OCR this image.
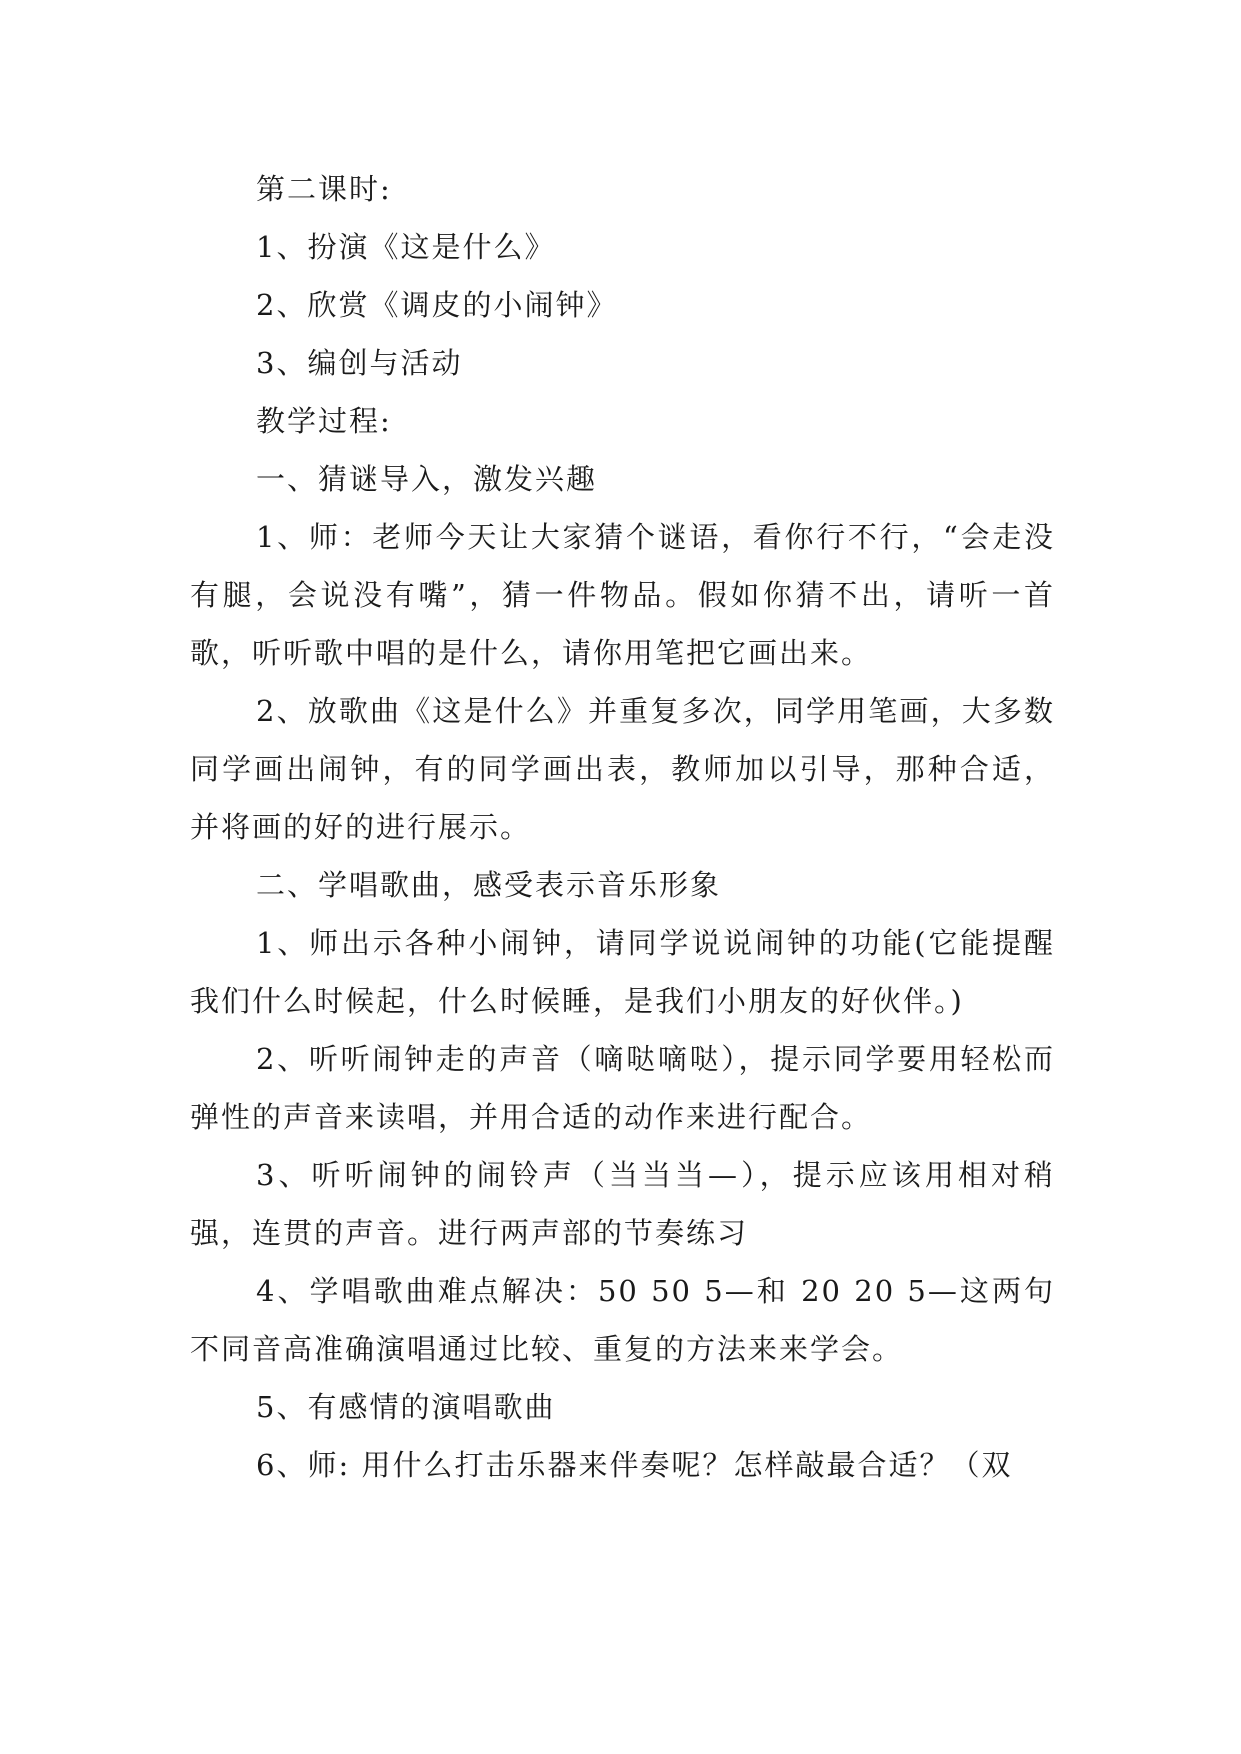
第二课时:

1、扮演《这是什么》

2、欣赏《调皮的小闹钟》

3、编创与活动

教学过程:

一、猜谜导入，激发兴趣

1、师：老师今天让大家猜个谜语，看你行不行，“会走没有腿，会说没有嘴”，猜一件物品。假如你猜不出，请听一首歌，听听歌中唱的是什么，请你用笔把它画出来。

2、放歌曲《这是什么》并重复多次，同学用笔画，大多数同学画出闹钟，有的同学画出表，教师加以引导，那种合适，并将画的好的进行展示。

二、学唱歌曲，感受表示音乐形象

1、师出示各种小闹钟，请同学说说闹钟的功能(它能提醒我们什么时候起，什么时候睡，是我们小朋友的好伙伴。)

2、听听闹钟走的声音（嘀哒嘀哒），提示同学要用轻松而弹性的声音来读唱，并用合适的动作来进行配合。

3、听听闹钟的闹铃声（当当当—），提示应该用相对稍强，连贯的声音。进行两声部的节奏练习

4、学唱歌曲难点解决：50 50 5—和 20 20 5—这两句不同音高准确演唱通过比较、重复的方法来来学会。

5、有感情的演唱歌曲

6、师: 用什么打击乐器来伴奏呢？怎样敲最合适？（双
